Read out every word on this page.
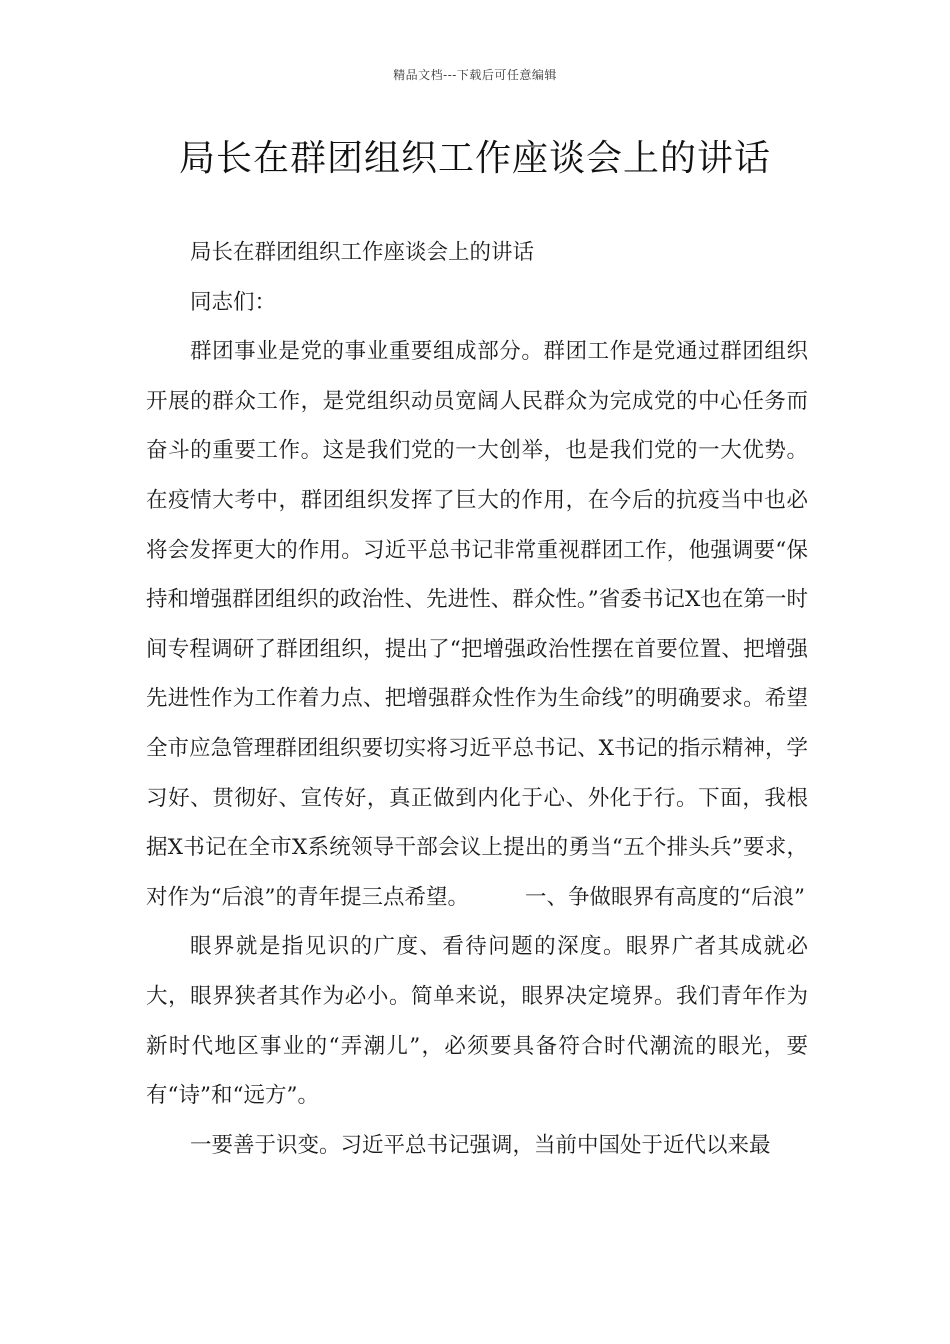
精品文档---下载后可任意编辑
局长在群团组织工作座谈会上的讲话

局长在群团组织工作座谈会上的讲话

同志们：

群团事业是党的事业重要组成部分。群团工作是党通过群团组织开展的群众工作，是党组织动员宽阔人民群众为完成党的中心任务而奋斗的重要工作。这是我们党的一大创举，也是我们党的一大优势。在疫情大考中，群团组织发挥了巨大的作用，在今后的抗疫当中也必将会发挥更大的作用。习近平总书记非常重视群团工作，他强调要“保持和增强群团组织的政治性、先进性、群众性。”省委书记X也在第一时间专程调研了群团组织，提出了“把增强政治性摆在首要位置、把增强先进性作为工作着力点、把增强群众性作为生命线”的明确要求。希望全市应急管理群团组织要切实将习近平总书记、X书记的指示精神，学习好、贯彻好、宣传好，真正做到内化于心、外化于行。下面，我根据X书记在全市X系统领导干部会议上提出的勇当“五个排头兵”要求，对作为“后浪”的青年提三点希望。	一、争做眼界有高度的“后浪”

眼界就是指见识的广度、看待问题的深度。眼界广者其成就必大，眼界狭者其作为必小。简单来说，眼界决定境界。我们青年作为新时代地区事业的“弄潮儿”，必须要具备符合时代潮流的眼光，要有“诗”和“远方”。

一要善于识变。习近平总书记强调，当前中国处于近代以来最
